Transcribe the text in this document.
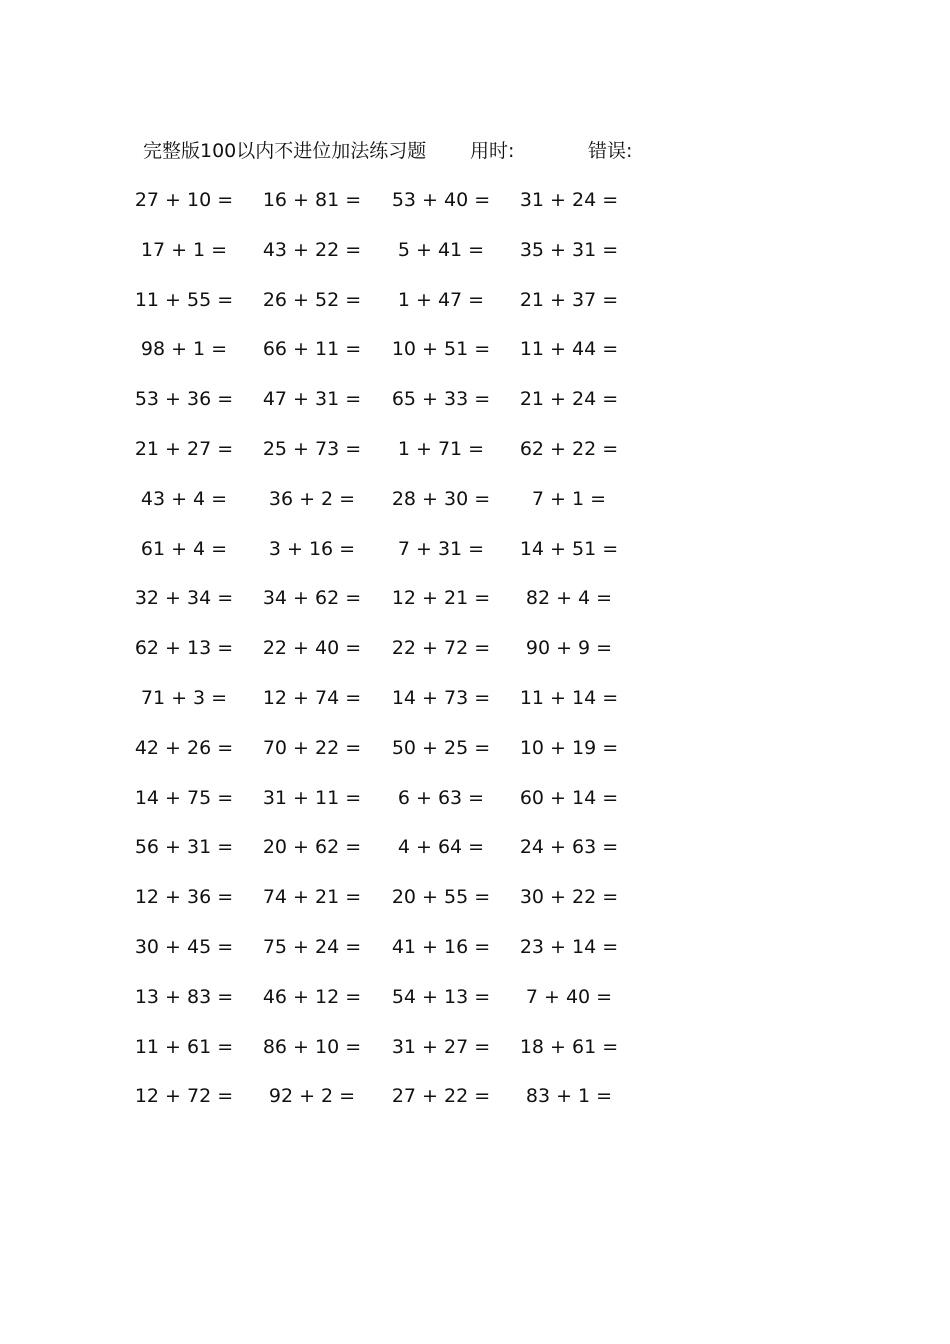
完整版100以内不进位加法练习题 用时:	错误:
27 + 10 =	16 + 81 =	53 + 40 =	31 + 24 =
17 + 1 =	43 + 22 =	5 + 41 =	35 + 31 =
11 + 55 =	26 + 52 =	1 + 47 =	21 + 37 =
98 + 1 =	66 + 11 =	10 + 51 =	11 + 44 =
53 + 36 =	47 + 31 =	65 + 33 =	21 + 24 =
21 + 27 =	25 + 73 =	1 + 71 =	62 + 22 =
43 + 4 =	36 + 2 =	28 + 30 =	7 + 1 =
61 + 4 =	3 + 16 =	7 + 31 =	14 + 51 =
32 + 34 =	34 + 62 =	12 + 21 =	82 + 4 =
62 + 13 =	22 + 40 =	22 + 72 =	90 + 9 =
71 + 3 =	12 + 74 =	14 + 73 =	11 + 14 =
42 + 26 =	70 + 22 =	50 + 25 =	10 + 19 =
14 + 75 =	31 + 11 =	6 + 63 =	60 + 14 =
56 + 31 =	20 + 62 =	4 + 64 =	24 + 63 =
12 + 36 =	74 + 21 =	20 + 55 =	30 + 22 =
30 + 45 =	75 + 24 =	41 + 16 =	23 + 14 =
13 + 83 =	46 + 12 =	54 + 13 =	7 + 40 =
11 + 61 =	86 + 10 =	31 + 27 =	18 + 61 =
12 + 72 =	92 + 2 =	27 + 22 =	83 + 1 =
